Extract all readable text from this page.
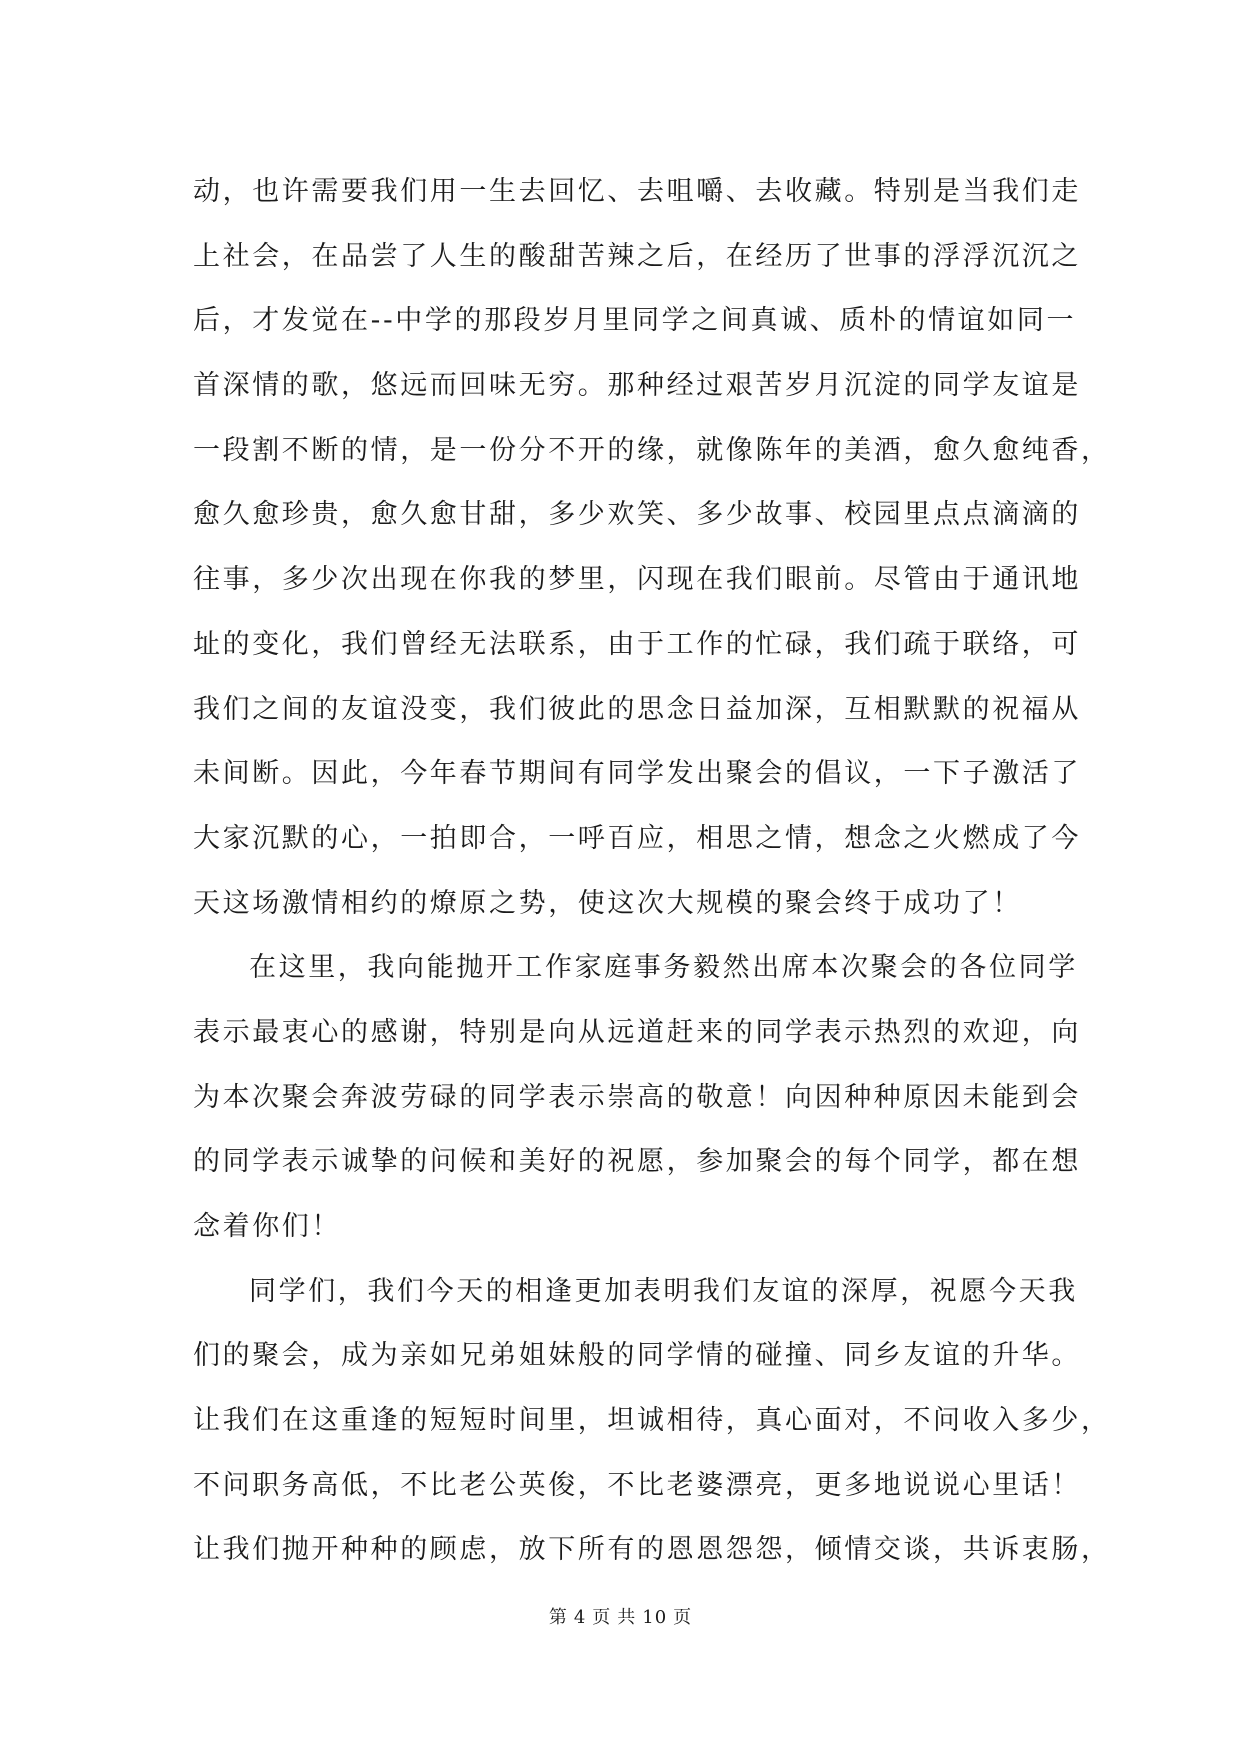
动，也许需要我们用一生去回忆、去咀嚼、去收藏。特别是当我们走
上社会，在品尝了人生的酸甜苦辣之后，在经历了世事的浮浮沉沉之
后，才发觉在--中学的那段岁月里同学之间真诚、质朴的情谊如同一
首深情的歌，悠远而回味无穷。那种经过艰苦岁月沉淀的同学友谊是
一段割不断的情，是一份分不开的缘，就像陈年的美酒，愈久愈纯香，
愈久愈珍贵，愈久愈甘甜，多少欢笑、多少故事、校园里点点滴滴的
往事，多少次出现在你我的梦里，闪现在我们眼前。尽管由于通讯地
址的变化，我们曾经无法联系，由于工作的忙碌，我们疏于联络，可
我们之间的友谊没变，我们彼此的思念日益加深，互相默默的祝福从
未间断。因此，今年春节期间有同学发出聚会的倡议，一下子激活了
大家沉默的心，一拍即合，一呼百应，相思之情，想念之火燃成了今
天这场激情相约的燎原之势，使这次大规模的聚会终于成功了！
在这里，我向能抛开工作家庭事务毅然出席本次聚会的各位同学
表示最衷心的感谢，特别是向从远道赶来的同学表示热烈的欢迎，向
为本次聚会奔波劳碌的同学表示崇高的敬意！向因种种原因未能到会
的同学表示诚挚的问候和美好的祝愿，参加聚会的每个同学，都在想
念着你们！
同学们，我们今天的相逢更加表明我们友谊的深厚，祝愿今天我
们的聚会，成为亲如兄弟姐妹般的同学情的碰撞、同乡友谊的升华。
让我们在这重逢的短短时间里，坦诚相待，真心面对，不问收入多少，
不问职务高低，不比老公英俊，不比老婆漂亮，更多地说说心里话！
让我们抛开种种的顾虑，放下所有的恩恩怨怨，倾情交谈，共诉衷肠，
第 4 页 共 10 页
